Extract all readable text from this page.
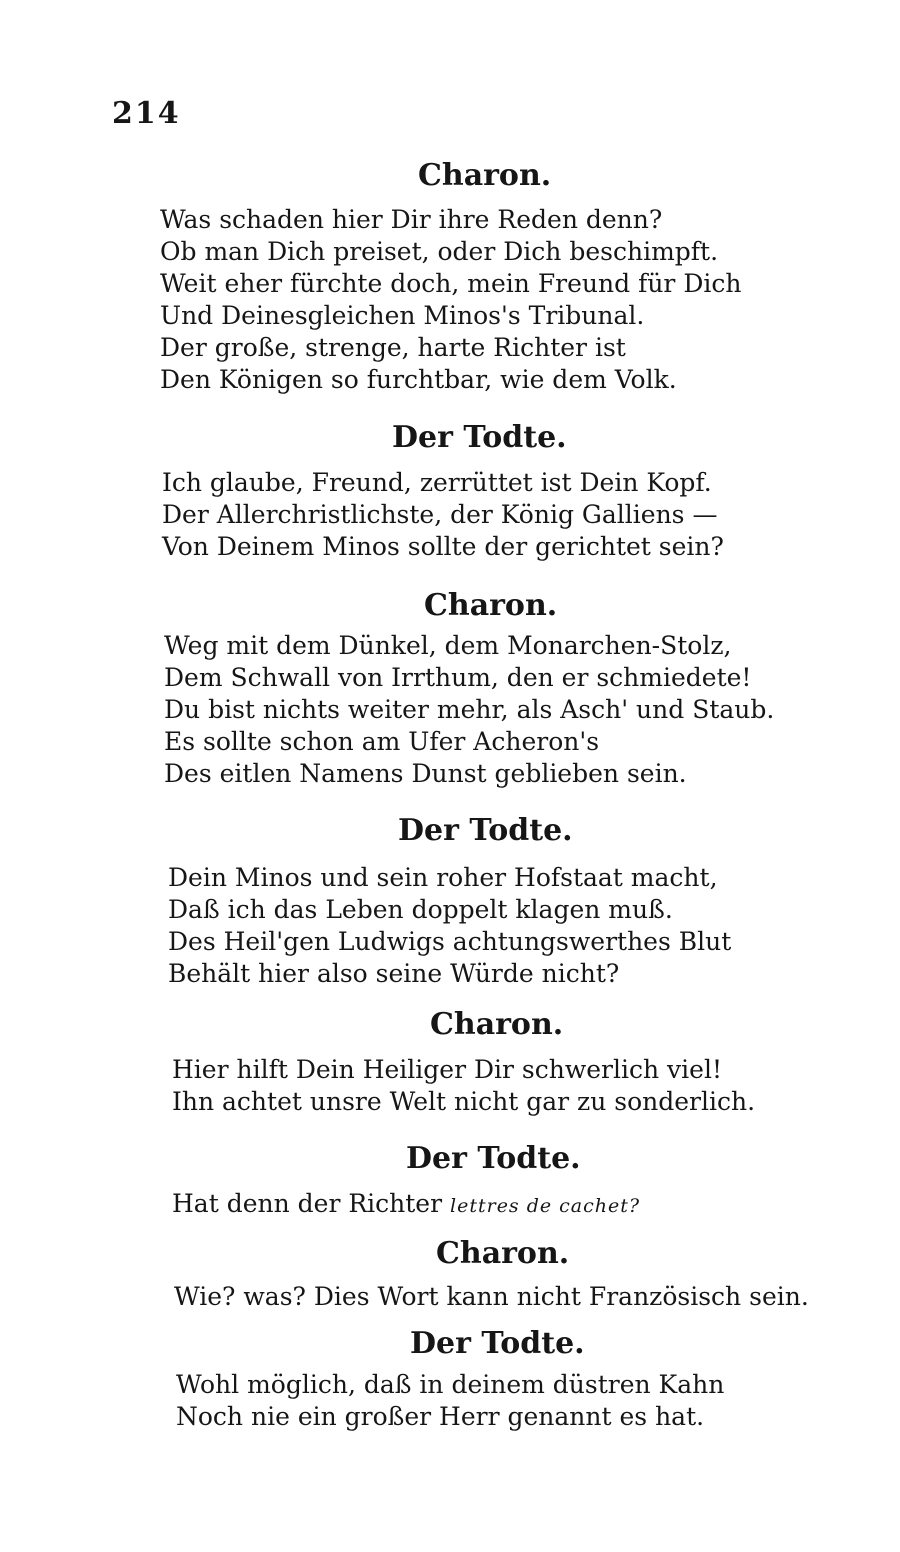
214
Charon.
Was schaden hier Dir ihre Reden denn?
Ob man Dich preiset, oder Dich beschimpft.
Weit eher fürchte doch, mein Freund für Dich
Und Deinesgleichen Minos's Tribunal.
Der große, strenge, harte Richter ist
Den Königen so furchtbar, wie dem Volk.
Der Todte.
Ich glaube, Freund, zerrüttet ist Dein Kopf.
Der Allerchristlichste, der König Galliens —
Von Deinem Minos sollte der gerichtet sein?
Charon.
Weg mit dem Dünkel, dem Monarchen-Stolz,
Dem Schwall von Irrthum, den er schmiedete!
Du bist nichts weiter mehr, als Asch' und Staub.
Es sollte schon am Ufer Acheron's
Des eitlen Namens Dunst geblieben sein.
Der Todte.
Dein Minos und sein roher Hofstaat macht,
Daß ich das Leben doppelt klagen muß.
Des Heil'gen Ludwigs achtungswerthes Blut
Behält hier also seine Würde nicht?
Charon.
Hier hilft Dein Heiliger Dir schwerlich viel!
Ihn achtet unsre Welt nicht gar zu sonderlich.
Der Todte.
Hat denn der Richter lettres de cachet?
Charon.
Wie? was? Dies Wort kann nicht Französisch sein.
Der Todte.
Wohl möglich, daß in deinem düstren Kahn
Noch nie ein großer Herr genannt es hat.
